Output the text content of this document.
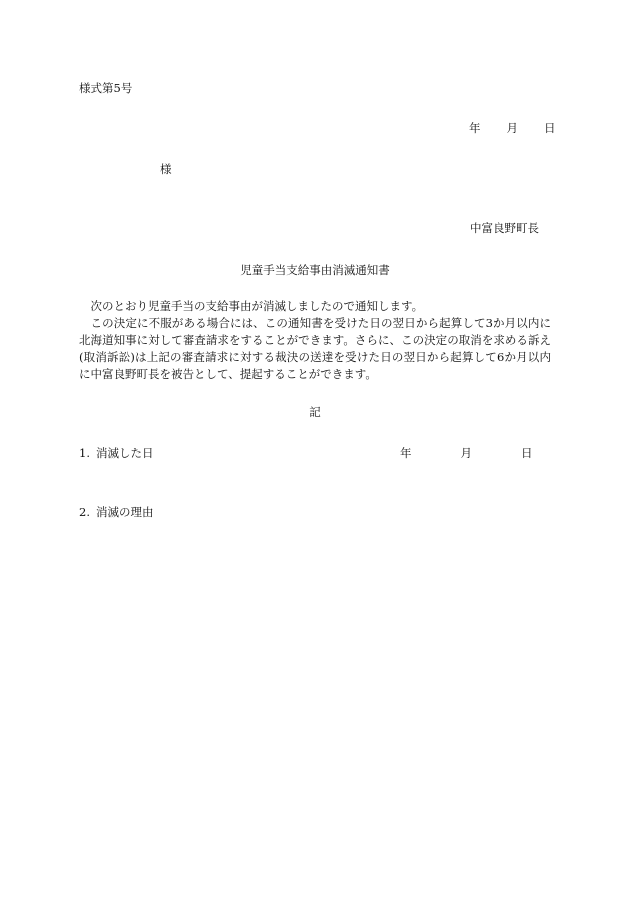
様式第5号
年 月 日
様
中富良野町長
児童手当支給事由消滅通知書

次のとおり児童手当の支給事由が消滅しましたので通知します。

この決定に不服がある場合には、この通知書を受けた日の翌日から起算して3か月以内に北海道知事に対して審査請求をすることができます。さらに、この決定の取消を求める訴え(取消訴訟)は上記の審査請求に対する裁決の送達を受けた日の翌日から起算して6か月以内に中富良野町長を被告として、提起することができます。

記
1. 消滅した日	年	月	日
2. 消滅の理由
